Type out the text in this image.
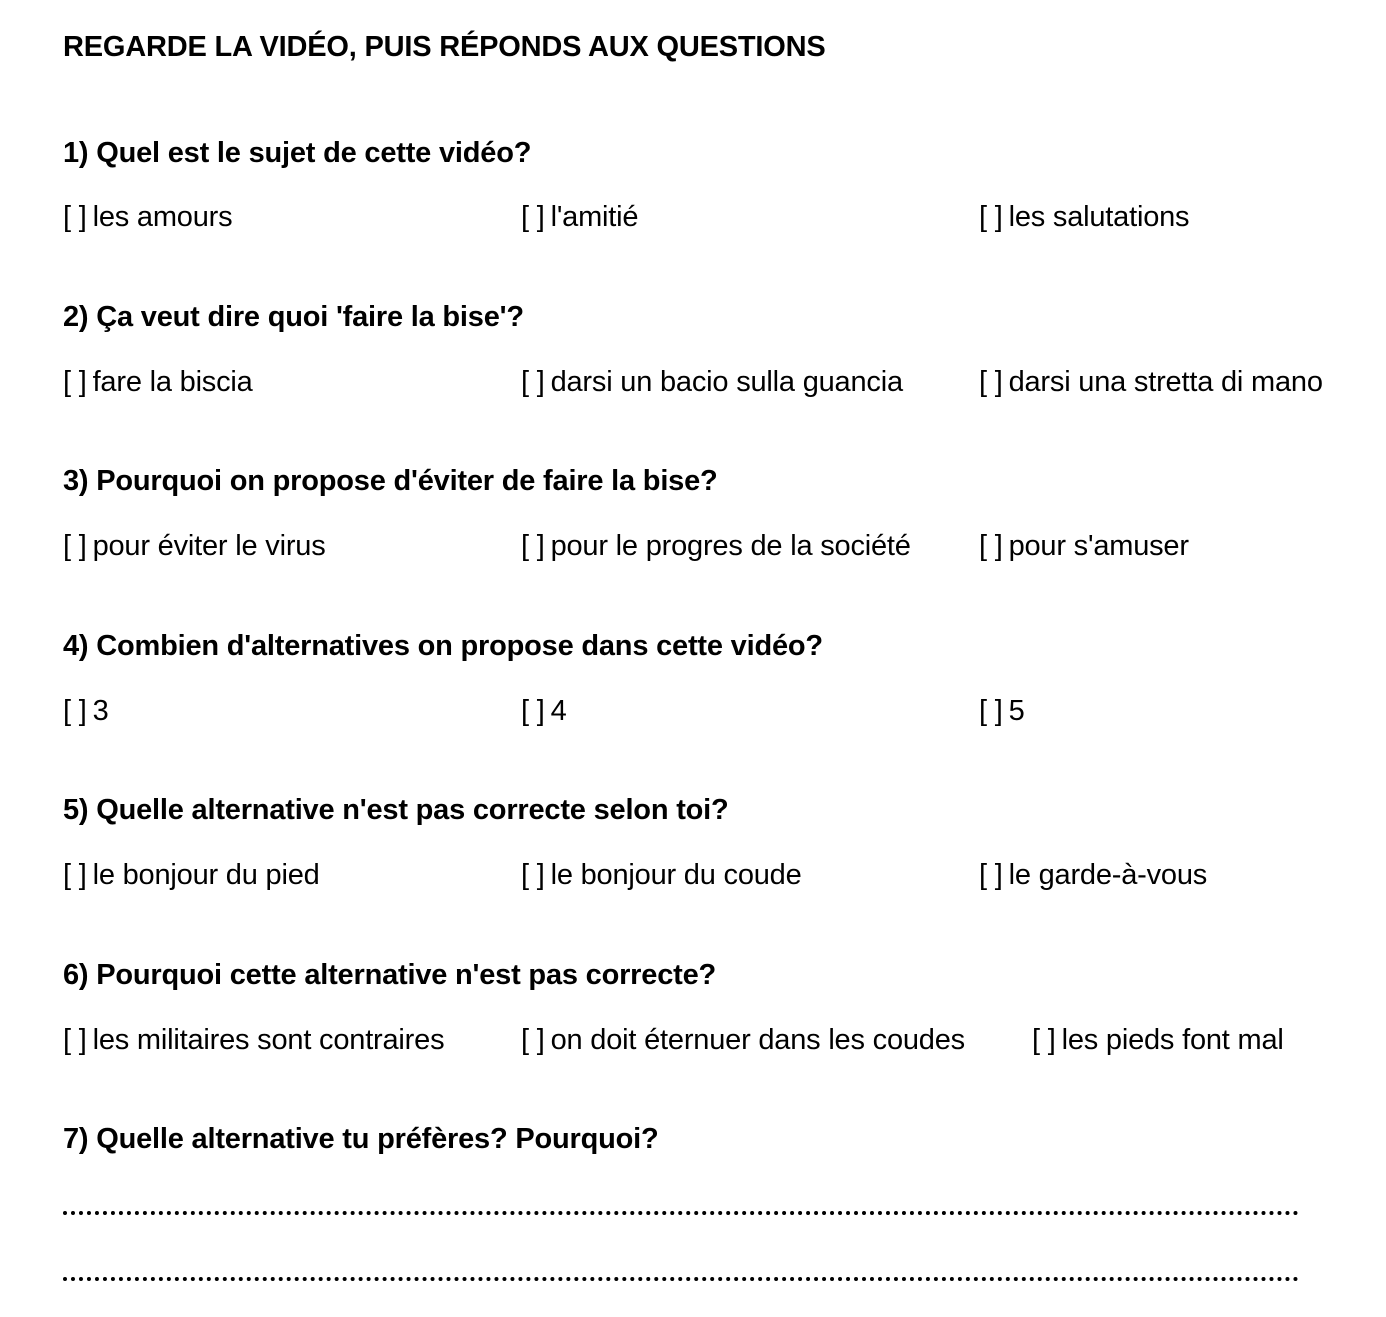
REGARDE LA VIDÉO, PUIS RÉPONDS AUX QUESTIONS
1) Quel est le sujet de cette vidéo?
[ ] les amours	[ ] l'amitié	[ ] les salutations
2) Ça veut dire quoi 'faire la bise'?
[ ] fare la biscia	[ ] darsi un bacio sulla guancia	[ ] darsi una stretta di mano
3) Pourquoi on propose d'éviter de faire la bise?
[ ] pour éviter le virus	[ ] pour le progres de la société [ ] pour s'amuser
4) Combien d'alternatives on propose dans cette vidéo?
[ ] 3	[ ] 4	[ ] 5
5) Quelle alternative n'est pas correcte selon toi?
[ ] le bonjour du pied	[ ] le bonjour du coude	[ ] le garde-à-vous
6) Pourquoi cette alternative n'est pas correcte?
[ ] les militaires sont contraires	[ ] on doit éternuer dans les coudes [ ] les pieds font mal
7) Quelle alternative tu préfères? Pourquoi?
